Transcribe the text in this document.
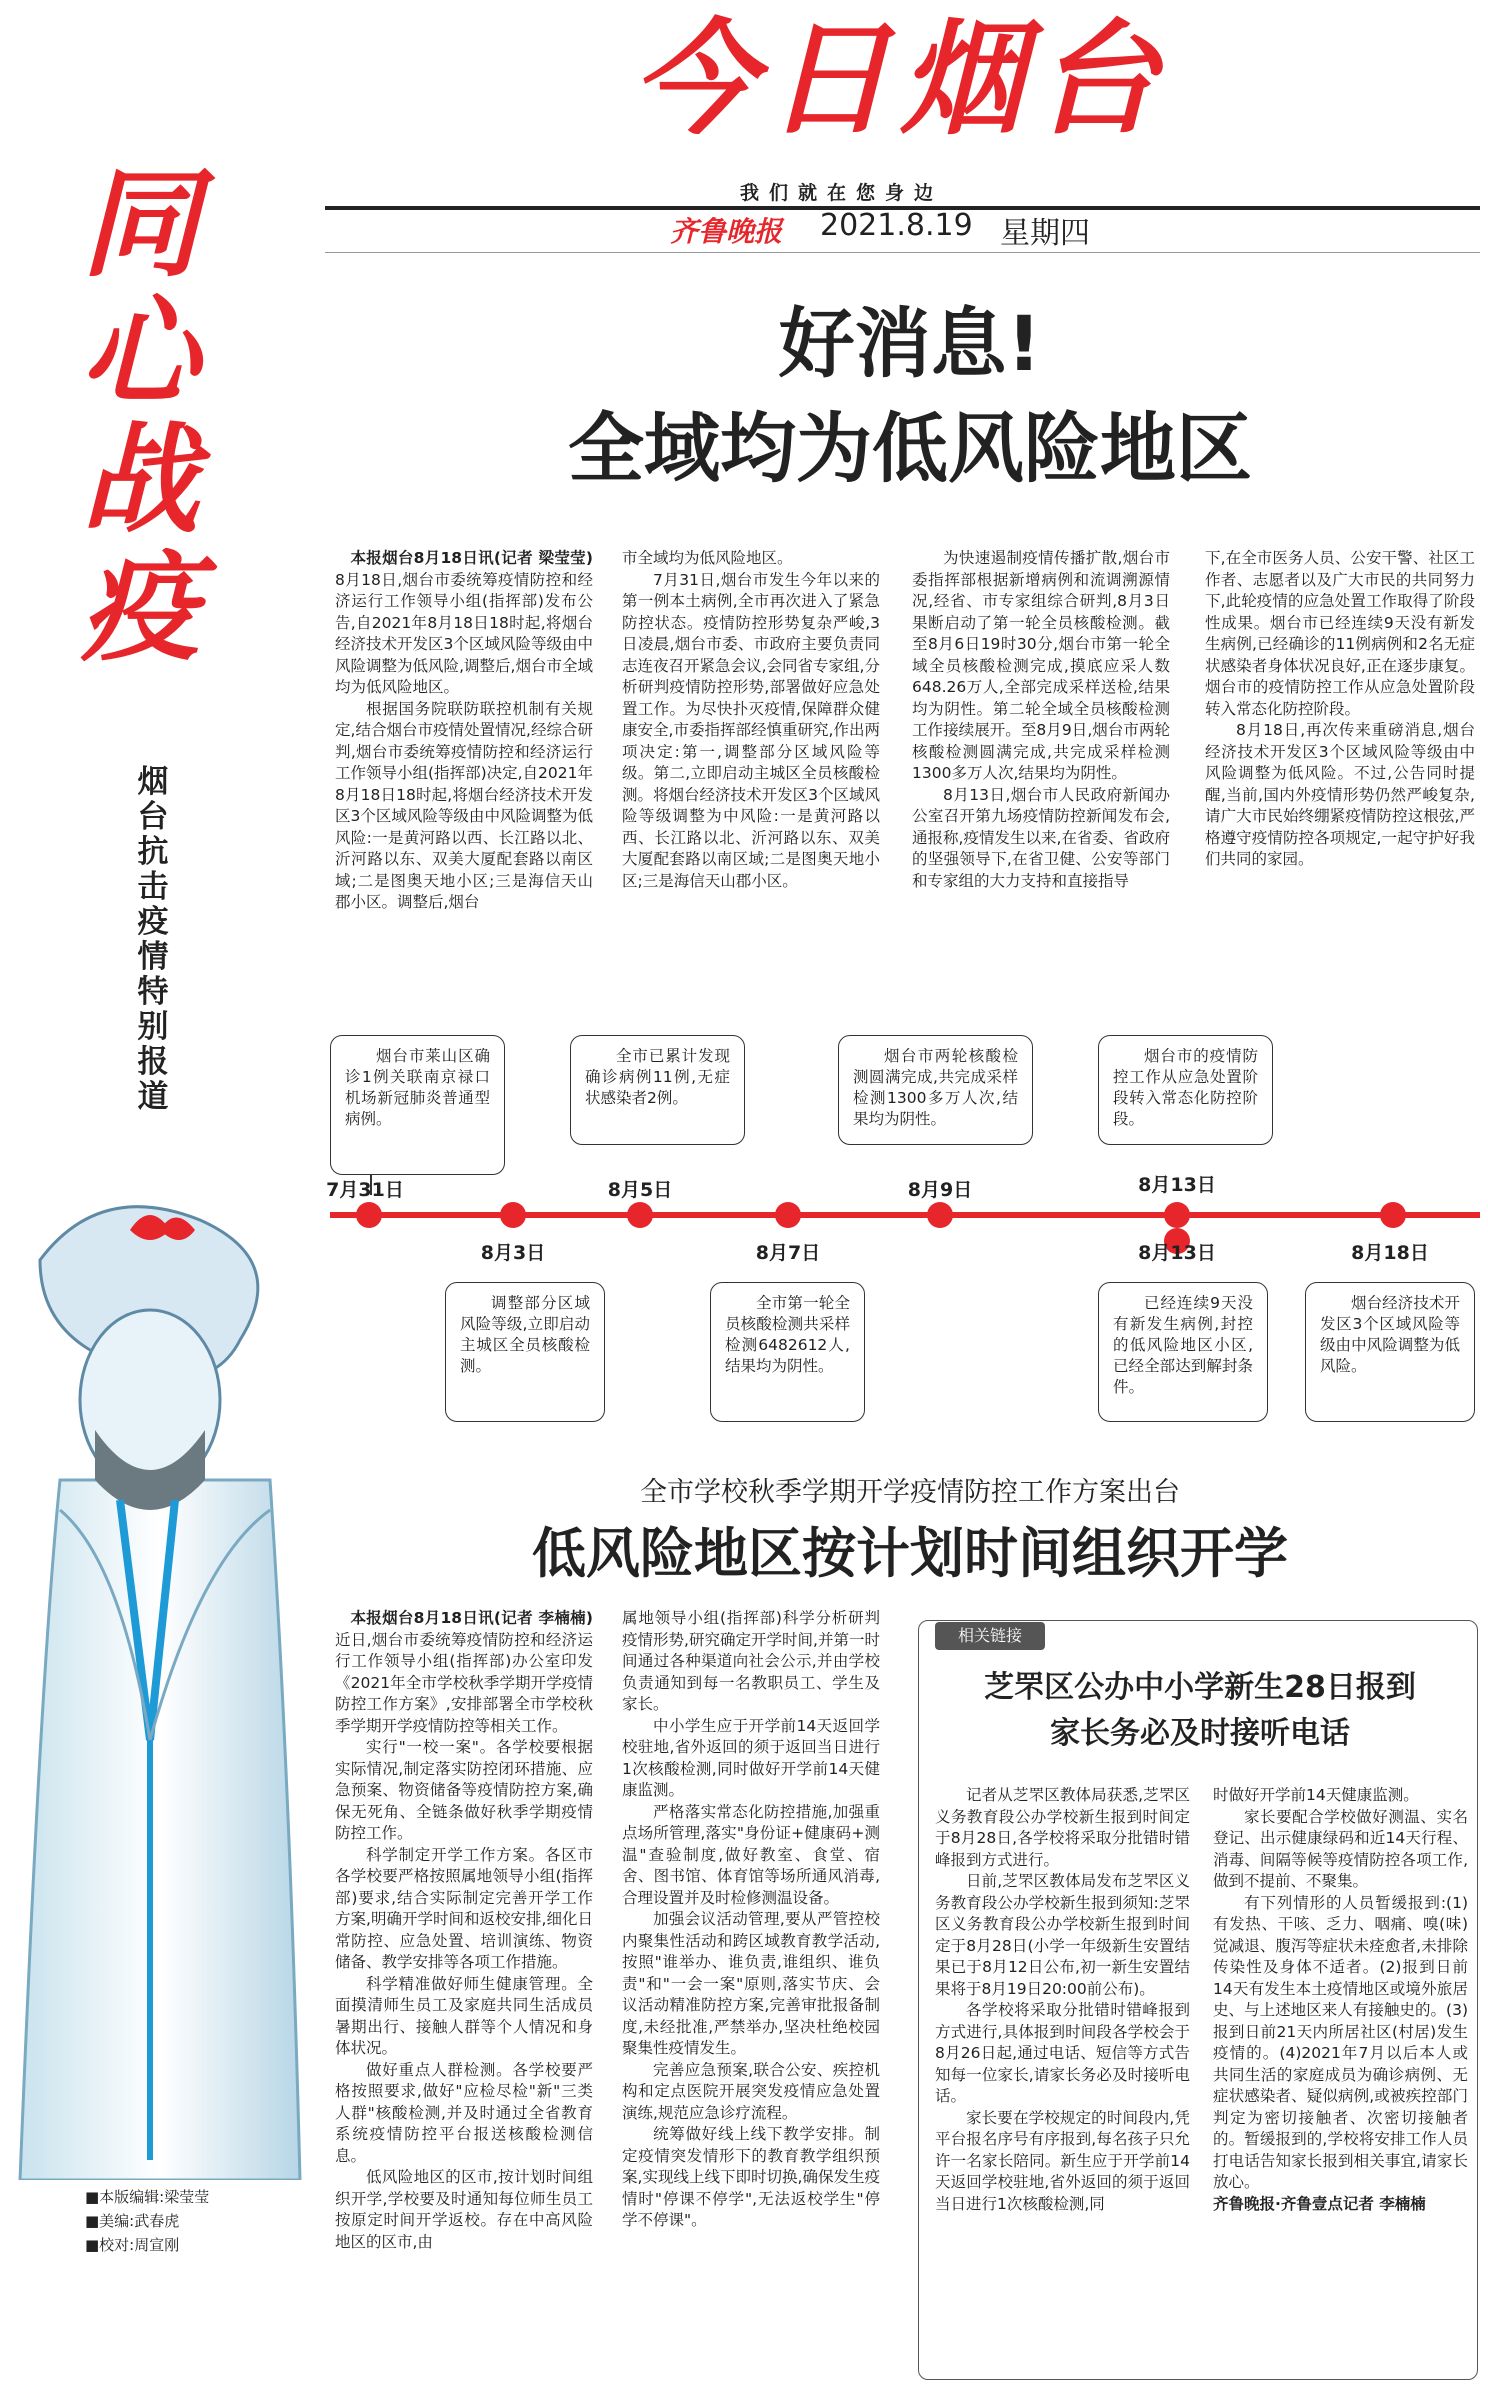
今日烟台
我们就在您身边
齐鲁晚报 2021.8.19 星期四
同
心
战
疫
烟台抗击疫情特别报道
■本版编辑:梁莹莹
■美编:武春虎
■校对:周宣刚
好消息!
全域均为低风险地区

本报烟台8月18日讯(记者 梁莹莹) 8月18日,烟台市委统筹疫情防控和经济运行工作领导小组(指挥部)发布公告,自2021年8月18日18时起,将烟台经济技术开发区3个区域风险等级由中风险调整为低风险,调整后,烟台市全域均为低风险地区。

根据国务院联防联控机制有关规定,结合烟台市疫情处置情况,经综合研判,烟台市委统筹疫情防控和经济运行工作领导小组(指挥部)决定,自2021年8月18日18时起,将烟台经济技术开发区3个区域风险等级由中风险调整为低风险:一是黄河路以西、长江路以北、沂河路以东、双美大厦配套路以南区域;二是图奥天地小区;三是海信天山郡小区。调整后,烟台

市全域均为低风险地区。

7月31日,烟台市发生今年以来的第一例本土病例,全市再次进入了紧急防控状态。疫情防控形势复杂严峻,3日凌晨,烟台市委、市政府主要负责同志连夜召开紧急会议,会同省专家组,分析研判疫情防控形势,部署做好应急处置工作。为尽快扑灭疫情,保障群众健康安全,市委指挥部经慎重研究,作出两项决定:第一,调整部分区域风险等级。第二,立即启动主城区全员核酸检测。将烟台经济技术开发区3个区域风险等级调整为中风险:一是黄河路以西、长江路以北、沂河路以东、双美大厦配套路以南区域;二是图奥天地小区;三是海信天山郡小区。

为快速遏制疫情传播扩散,烟台市委指挥部根据新增病例和流调溯源情况,经省、市专家组综合研判,8月3日果断启动了第一轮全员核酸检测。截至8月6日19时30分,烟台市第一轮全域全员核酸检测完成,摸底应采人数648.26万人,全部完成采样送检,结果均为阴性。第二轮全域全员核酸检测工作接续展开。至8月9日,烟台市两轮核酸检测圆满完成,共完成采样检测1300多万人次,结果均为阴性。

8月13日,烟台市人民政府新闻办公室召开第九场疫情防控新闻发布会,通报称,疫情发生以来,在省委、省政府的坚强领导下,在省卫健、公安等部门和专家组的大力支持和直接指导

下,在全市医务人员、公安干警、社区工作者、志愿者以及广大市民的共同努力下,此轮疫情的应急处置工作取得了阶段性成果。烟台市已经连续9天没有新发生病例,已经确诊的11例病例和2名无症状感染者身体状况良好,正在逐步康复。烟台市的疫情防控工作从应急处置阶段转入常态化防控阶段。

8月18日,再次传来重磅消息,烟台经济技术开发区3个区域风险等级由中风险调整为低风险。不过,公告同时提醒,当前,国内外疫情形势仍然严峻复杂,请广大市民始终绷紧疫情防控这根弦,严格遵守疫情防控各项规定,一起守护好我们共同的家园。

烟台市莱山区确诊1例关联南京禄口机场新冠肺炎普通型病例。
7月31日
全市已累计发现确诊病例11例,无症状感染者2例。
8月5日
烟台市两轮核酸检测圆满完成,共完成采样检测1300多万人次,结果均为阴性。
8月9日
烟台市的疫情防控工作从应急处置阶段转入常态化防控阶段。
8月13日
8月3日
调整部分区域风险等级,立即启动主城区全员核酸检测。
8月7日
全市第一轮全员核酸检测共采样检测6482612人,结果均为阴性。
8月13日
已经连续9天没有新发生病例,封控的低风险地区小区,已经全部达到解封条件。
8月18日
烟台经济技术开发区3个区域风险等级由中风险调整为低风险。
全市学校秋季学期开学疫情防控工作方案出台
低风险地区按计划时间组织开学

本报烟台8月18日讯(记者 李楠楠) 近日,烟台市委统筹疫情防控和经济运行工作领导小组(指挥部)办公室印发《2021年全市学校秋季学期开学疫情防控工作方案》,安排部署全市学校秋季学期开学疫情防控等相关工作。

实行"一校一案"。各学校要根据实际情况,制定落实防控闭环措施、应急预案、物资储备等疫情防控方案,确保无死角、全链条做好秋季学期疫情防控工作。

科学制定开学工作方案。各区市各学校要严格按照属地领导小组(指挥部)要求,结合实际制定完善开学工作方案,明确开学时间和返校安排,细化日常防控、应急处置、培训演练、物资储备、教学安排等各项工作措施。

科学精准做好师生健康管理。全面摸清师生员工及家庭共同生活成员暑期出行、接触人群等个人情况和身体状况。

做好重点人群检测。各学校要严格按照要求,做好"应检尽检"新"三类人群"核酸检测,并及时通过全省教育系统疫情防控平台报送核酸检测信息。

低风险地区的区市,按计划时间组织开学,学校要及时通知每位师生员工按原定时间开学返校。存在中高风险地区的区市,由

属地领导小组(指挥部)科学分析研判疫情形势,研究确定开学时间,并第一时间通过各种渠道向社会公示,并由学校负责通知到每一名教职员工、学生及家长。

中小学生应于开学前14天返回学校驻地,省外返回的须于返回当日进行1次核酸检测,同时做好开学前14天健康监测。

严格落实常态化防控措施,加强重点场所管理,落实"身份证+健康码+测温"查验制度,做好教室、食堂、宿舍、图书馆、体育馆等场所通风消毒,合理设置并及时检修测温设备。

加强会议活动管理,要从严管控校内聚集性活动和跨区域教育教学活动,按照"谁举办、谁负责,谁组织、谁负责"和"一会一案"原则,落实节庆、会议活动精准防控方案,完善审批报备制度,未经批准,严禁举办,坚决杜绝校园聚集性疫情发生。

完善应急预案,联合公安、疾控机构和定点医院开展突发疫情应急处置演练,规范应急诊疗流程。

统筹做好线上线下教学安排。制定疫情突发情形下的教育教学组织预案,实现线上线下即时切换,确保发生疫情时"停课不停学",无法返校学生"停学不停课"。

相关链接
芝罘区公办中小学新生28日报到
家长务必及时接听电话

记者从芝罘区教体局获悉,芝罘区义务教育段公办学校新生报到时间定于8月28日,各学校将采取分批错时错峰报到方式进行。

日前,芝罘区教体局发布芝罘区义务教育段公办学校新生报到须知:芝罘区义务教育段公办学校新生报到时间定于8月28日(小学一年级新生安置结果已于8月12日公布,初一新生安置结果将于8月19日20:00前公布)。

各学校将采取分批错时错峰报到方式进行,具体报到时间段各学校会于8月26日起,通过电话、短信等方式告知每一位家长,请家长务必及时接听电话。

家长要在学校规定的时间段内,凭平台报名序号有序报到,每名孩子只允许一名家长陪同。新生应于开学前14天返回学校驻地,省外返回的须于返回当日进行1次核酸检测,同

时做好开学前14天健康监测。

家长要配合学校做好测温、实名登记、出示健康绿码和近14天行程、消毒、间隔等候等疫情防控各项工作,做到不提前、不聚集。

有下列情形的人员暂缓报到:(1)有发热、干咳、乏力、咽痛、嗅(味)觉减退、腹泻等症状未痊愈者,未排除传染性及身体不适者。(2)报到日前14天有发生本土疫情地区或境外旅居史、与上述地区来人有接触史的。(3)报到日前21天内所居社区(村居)发生疫情的。(4)2021年7月以后本人或共同生活的家庭成员为确诊病例、无症状感染者、疑似病例,或被疾控部门判定为密切接触者、次密切接触者的。暂缓报到的,学校将安排工作人员打电话告知家长报到相关事宜,请家长放心。

齐鲁晚报·齐鲁壹点记者 李楠楠
